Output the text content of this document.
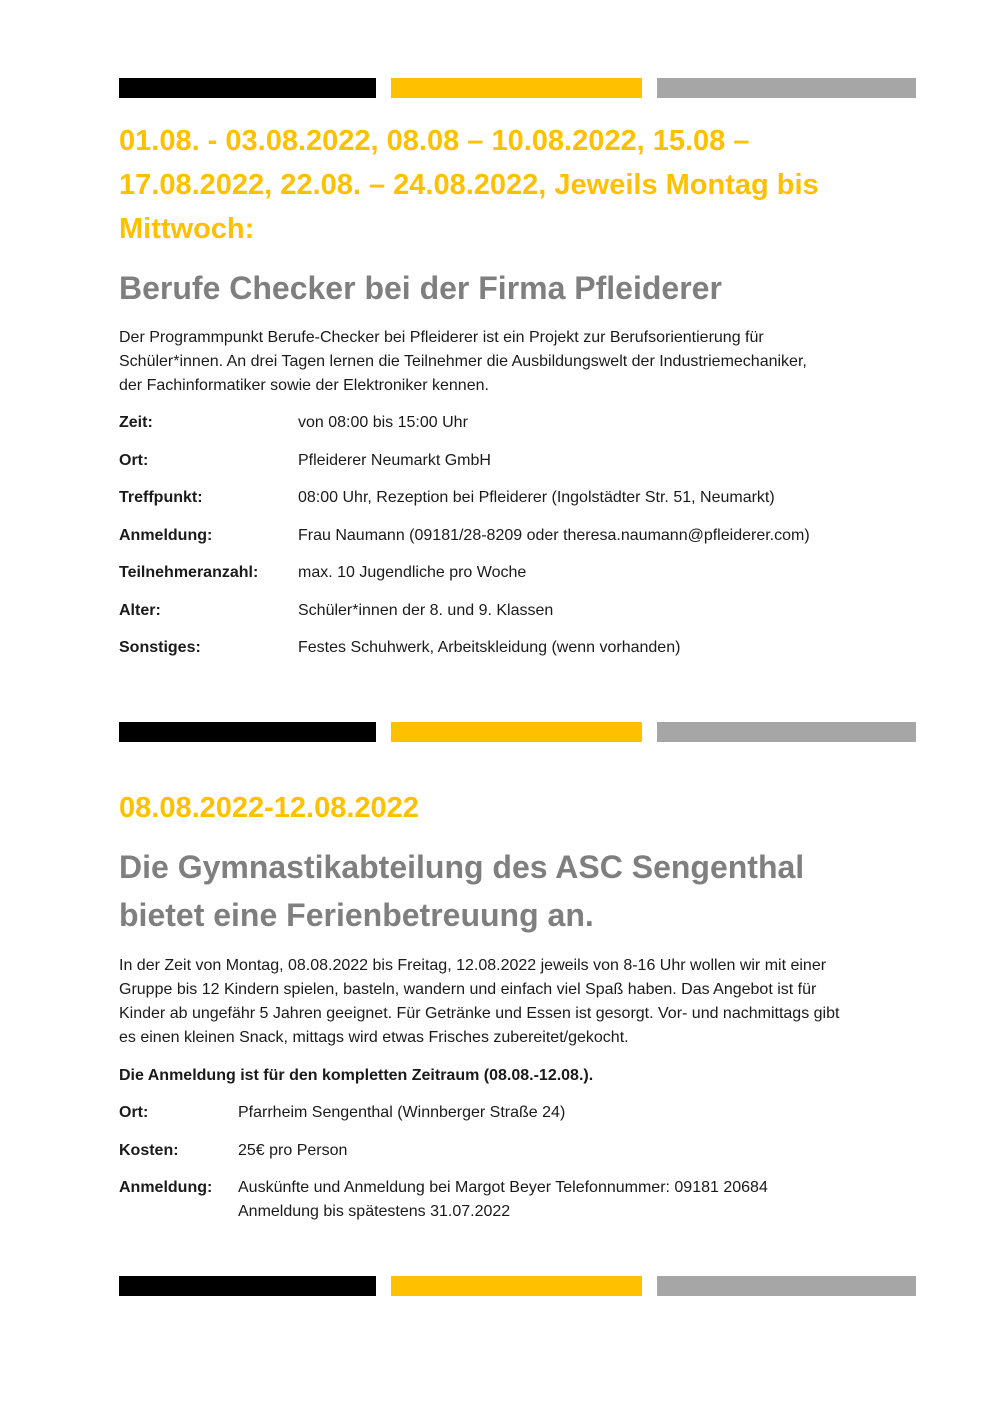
01.08. - 03.08.2022, 08.08 – 10.08.2022, 15.08 –

17.08.2022, 22.08. – 24.08.2022, Jeweils Montag bis

Mittwoch:

Berufe Checker bei der Firma Pfleiderer

Der Programmpunkt Berufe-Checker bei Pfleiderer ist ein Projekt zur Berufsorientierung für

Schüler*innen. An drei Tagen lernen die Teilnehmer die Ausbildungswelt der Industriemechaniker,

der Fachinformatiker sowie der Elektroniker kennen.

Zeit:	von 08:00 bis 15:00 Uhr
Ort:	Pfleiderer Neumarkt GmbH
Treffpunkt:	08:00 Uhr, Rezeption bei Pfleiderer (Ingolstädter Str. 51, Neumarkt)
Anmeldung:	Frau Naumann (09181/28-8209 oder theresa.naumann@pfleiderer.com)
Teilnehmeranzahl: max. 10 Jugendliche pro Woche
Alter:	Schüler*innen der 8. und 9. Klassen
Sonstiges:	Festes Schuhwerk, Arbeitskleidung (wenn vorhanden)

08.08.2022-12.08.2022

Die Gymnastikabteilung des ASC Sengenthal
bietet eine Ferienbetreuung an.

In der Zeit von Montag, 08.08.2022 bis Freitag, 12.08.2022 jeweils von 8-16 Uhr wollen wir mit einer

Gruppe bis 12 Kindern spielen, basteln, wandern und einfach viel Spaß haben. Das Angebot ist für

Kinder ab ungefähr 5 Jahren geeignet. Für Getränke und Essen ist gesorgt. Vor- und nachmittags gibt

es einen kleinen Snack, mittags wird etwas Frisches zubereitet/gekocht.

Die Anmeldung ist für den kompletten Zeitraum (08.08.-12.08.).

Ort:	Pfarrheim Sengenthal (Winnberger Straße 24)
Kosten:	25€ pro Person
Anmeldung: Auskünfte und Anmeldung bei Margot Beyer Telefonnummer: 09181 20684
Anmeldung bis spätestens 31.07.2022
